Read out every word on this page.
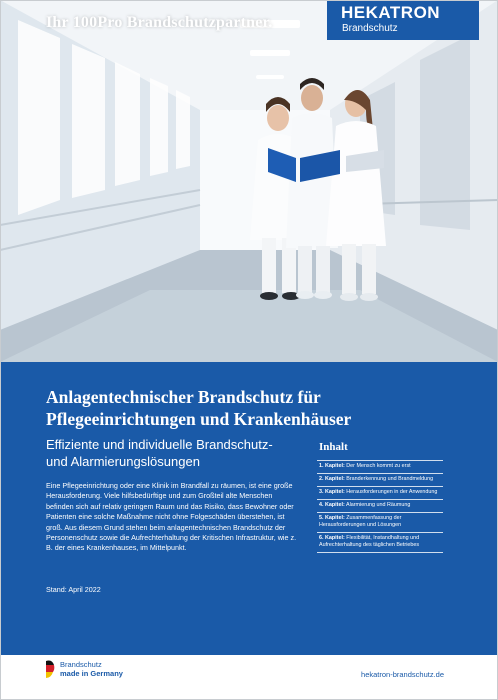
Ihr 100Pro Brandschutzpartner.
HEKATRON
Brandschutz
Anlagentechnischer Brandschutz für
Pflegeeinrichtungen und Krankenhäuser
Effiziente und individuelle Brandschutz-
und Alarmierungslösungen
Eine Pflegeeinrichtung oder eine Klinik im Brandfall zu räumen, ist eine große Herausforderung. Viele hilfsbedürftige und zum Großteil alte Menschen befinden sich auf relativ geringem Raum und das Risiko, dass Bewohner oder Patienten eine solche Maßnahme nicht ohne Folgeschäden überstehen, ist groß. Aus diesem Grund stehen beim anlagentechnischen Brandschutz der Personenschutz sowie die Aufrechterhaltung der Kritischen Infrastruktur, wie z. B. der eines Krankenhauses, im Mittelpunkt.
Stand: April 2022
Inhalt
1. Kapitel: Der Mensch kommt zu erst
2. Kapitel: Branderkennung und Brandmeldung
3. Kapitel: Herausforderungen in der Anwendung
4. Kapitel: Alarmierung und Räumung
5. Kapitel: Zusammenfassung der Herausforderungen und Lösungen
6. Kapitel: Flexibilität, Instandhaltung und Aufrechterhaltung des täglichen Betriebes
Brandschutz
made in Germany	hekatron-brandschutz.de
